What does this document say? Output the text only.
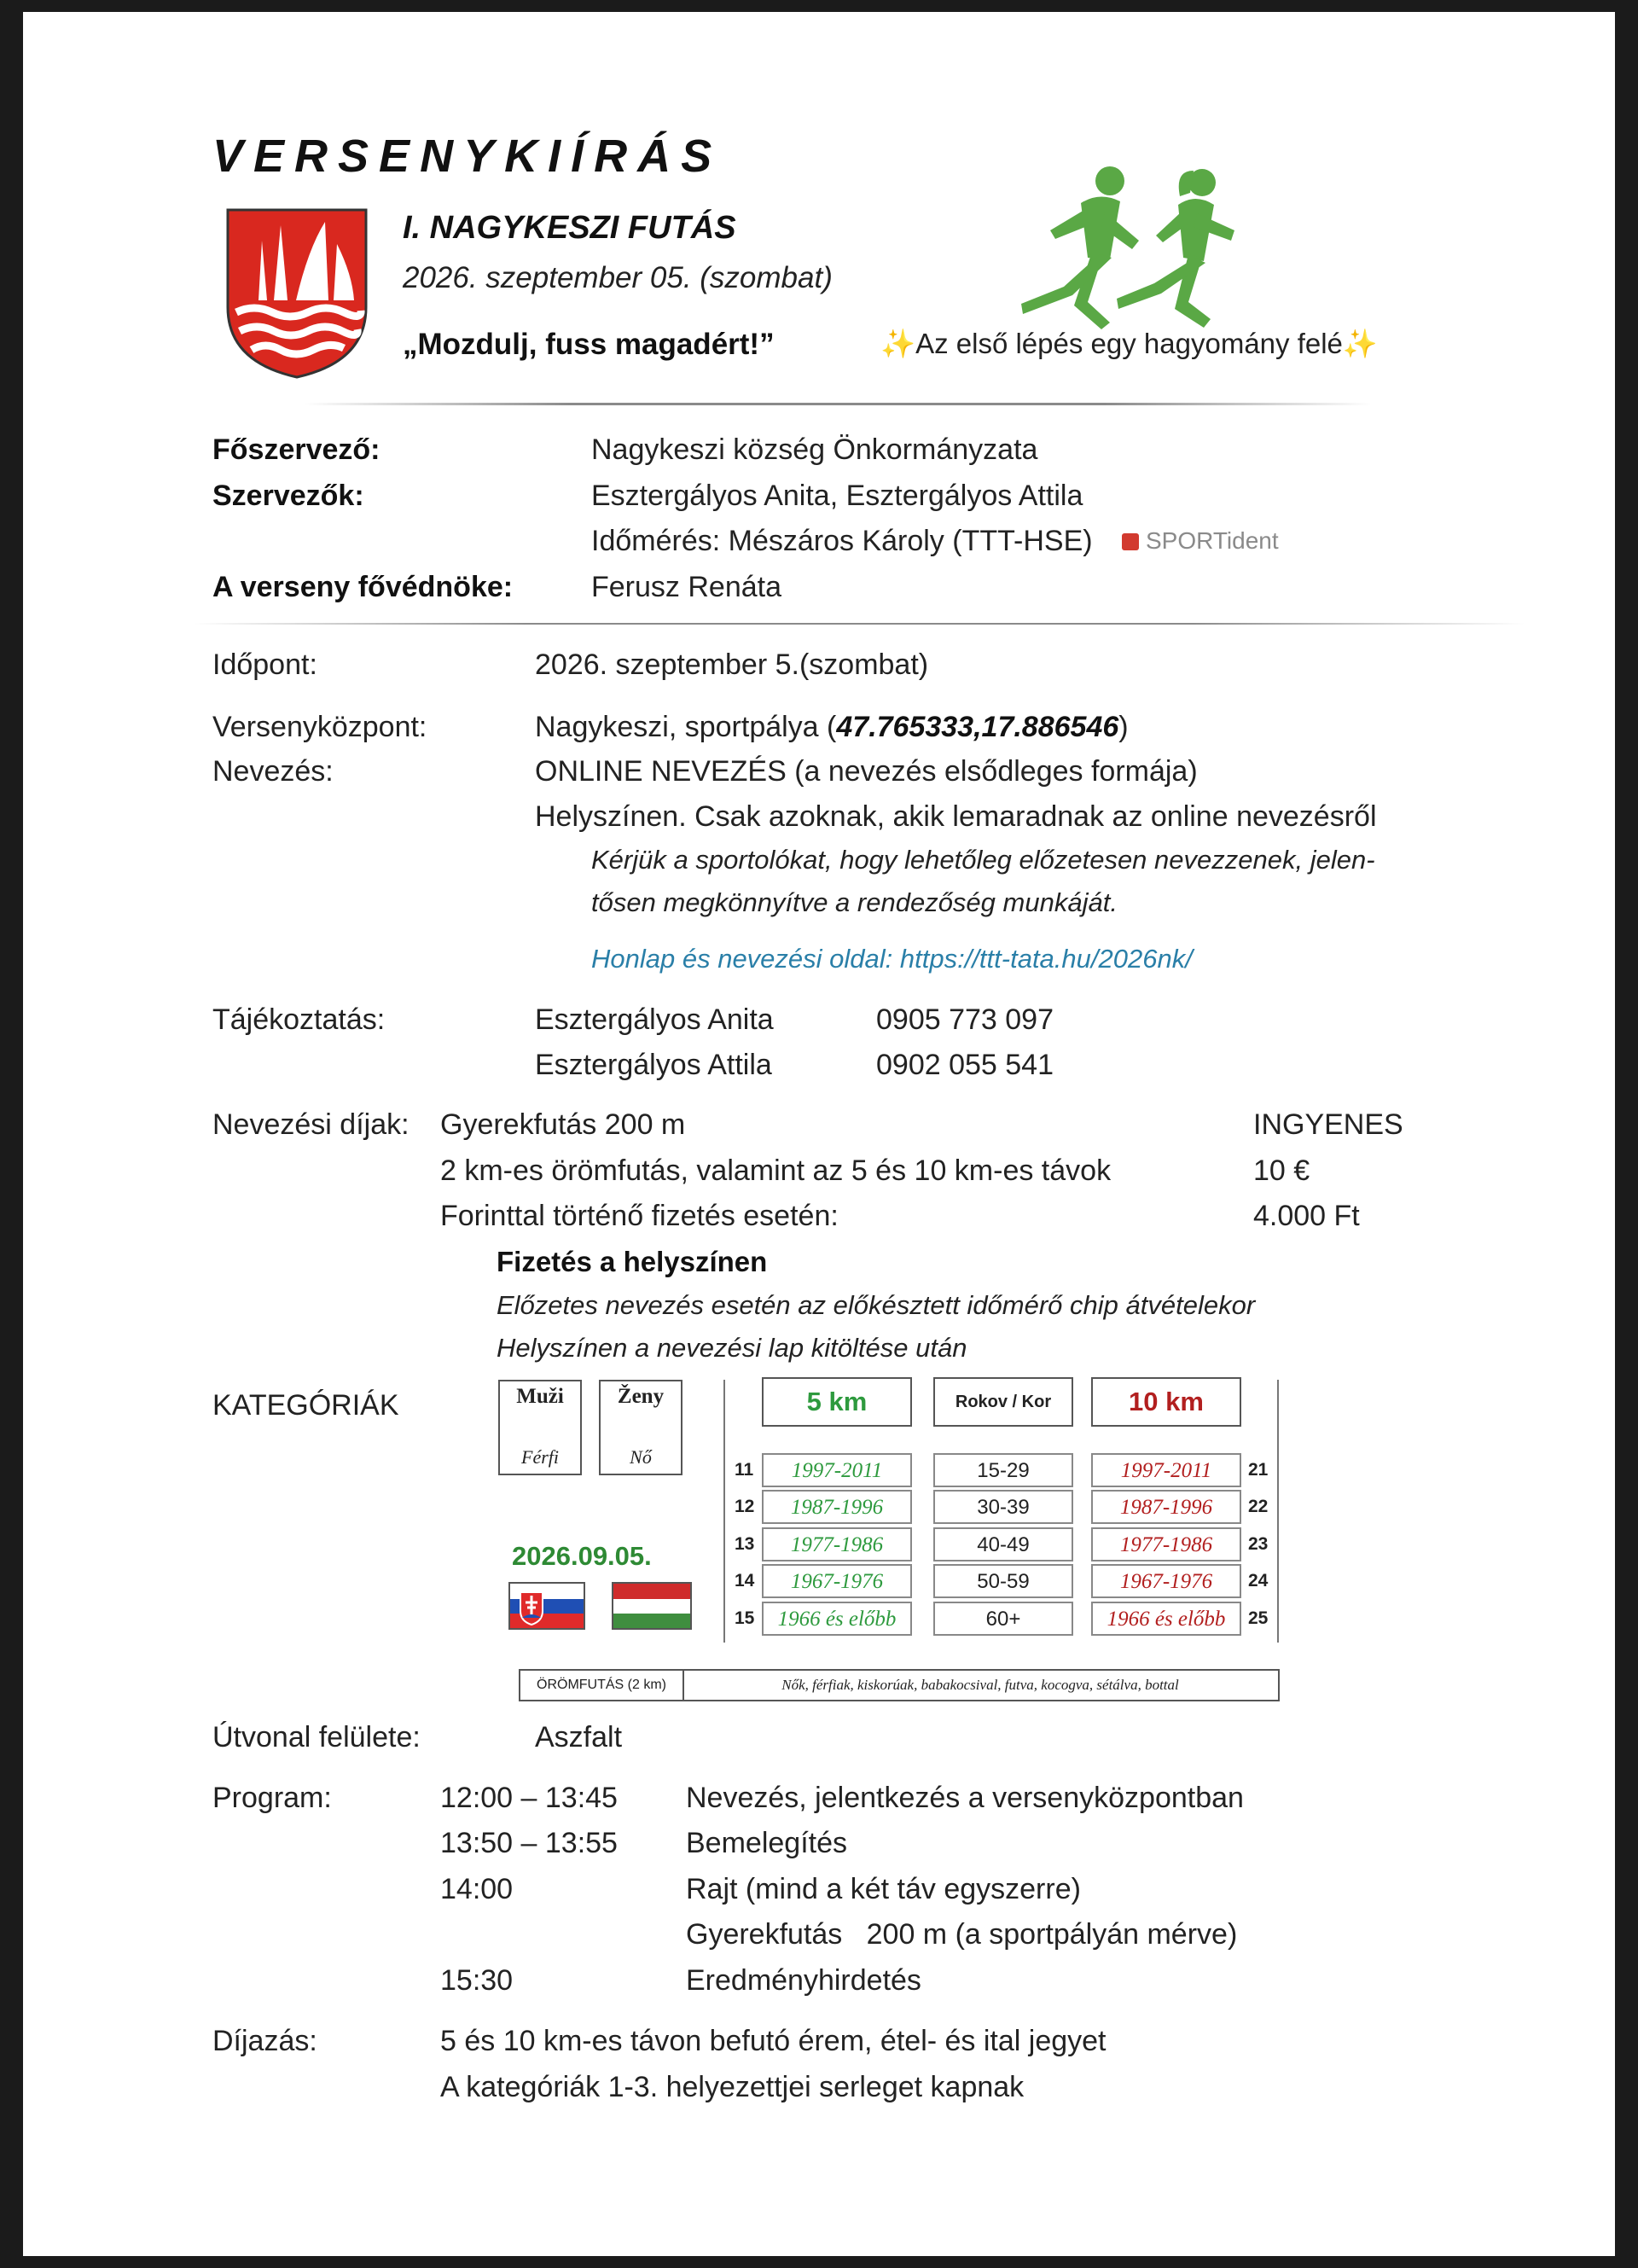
VERSENYKIÍRÁS
I. NAGYKESZI FUTÁS
2026. szeptember 05. (szombat)
„Mozdulj, fuss magadért!”	✨Az első lépés egy hagyomány felé✨
Főszervező:	Nagykeszi község Önkormányzata
Szervezők:	Esztergályos Anita, Esztergályos Attila
Időmérés: Mészáros Károly (TTT-HSE)	SPORTident
A verseny fővédnöke:	Ferusz Renáta
Időpont:	2026. szeptember 5.(szombat)
Versenyközpont:	Nagykeszi, sportpálya (47.765333,17.886546)
Nevezés:	ONLINE NEVEZÉS (a nevezés elsődleges formája)
Helyszínen. Csak azoknak, akik lemaradnak az online nevezésről
Kérjük a sportolókat, hogy lehetőleg előzetesen nevezzenek, jelen-
tősen megkönnyítve a rendezőség munkáját.
Honlap és nevezési oldal: https://ttt-tata.hu/2026nk/
Tájékoztatás:	Esztergályos Anita	0905 773 097
Esztergályos Attila	0902 055 541
Nevezési díjak: Gyerekfutás 200 m	INGYENES
2 km-es örömfutás, valamint az 5 és 10 km-es távok	10 €
Forinttal történő fizetés esetén:	4.000 Ft
Fizetés a helyszínen
Előzetes nevezés esetén az előkésztett időmérő chip átvételekor
Helyszínen a nevezési lap kitöltése után
KATEGÓRIÁK	Muži
Férfi
Ženy
Nő
2026.09.05.
5 km	Rokov / Kor	10 km
11	1997-2011	15-29	1997-2011	21
12	1987-1996	30-39	1987-1996	22
13	1977-1986	40-49	1977-1986	23
14	1967-1976	50-59	1967-1976	24
15	1966 és előbb	60+	1966 és előbb	25
ÖRÖMFUTÁS (2 km)	Nők, férfiak, kiskorúak, babakocsival, futva, kocogva, sétálva, bottal
Útvonal felülete:	Aszfalt
Program:	12:00 – 13:45 Nevezés, jelentkezés a versenyközpontban
13:50 – 13:55 Bemelegítés
14:00	Rajt (mind a két táv egyszerre)
Gyerekfutás   200 m (a sportpályán mérve)
15:30	Eredményhirdetés
Díjazás:	5 és 10 km-es távon befutó érem, étel- és ital jegyet
A kategóriák 1-3. helyezettjei serleget kapnak
